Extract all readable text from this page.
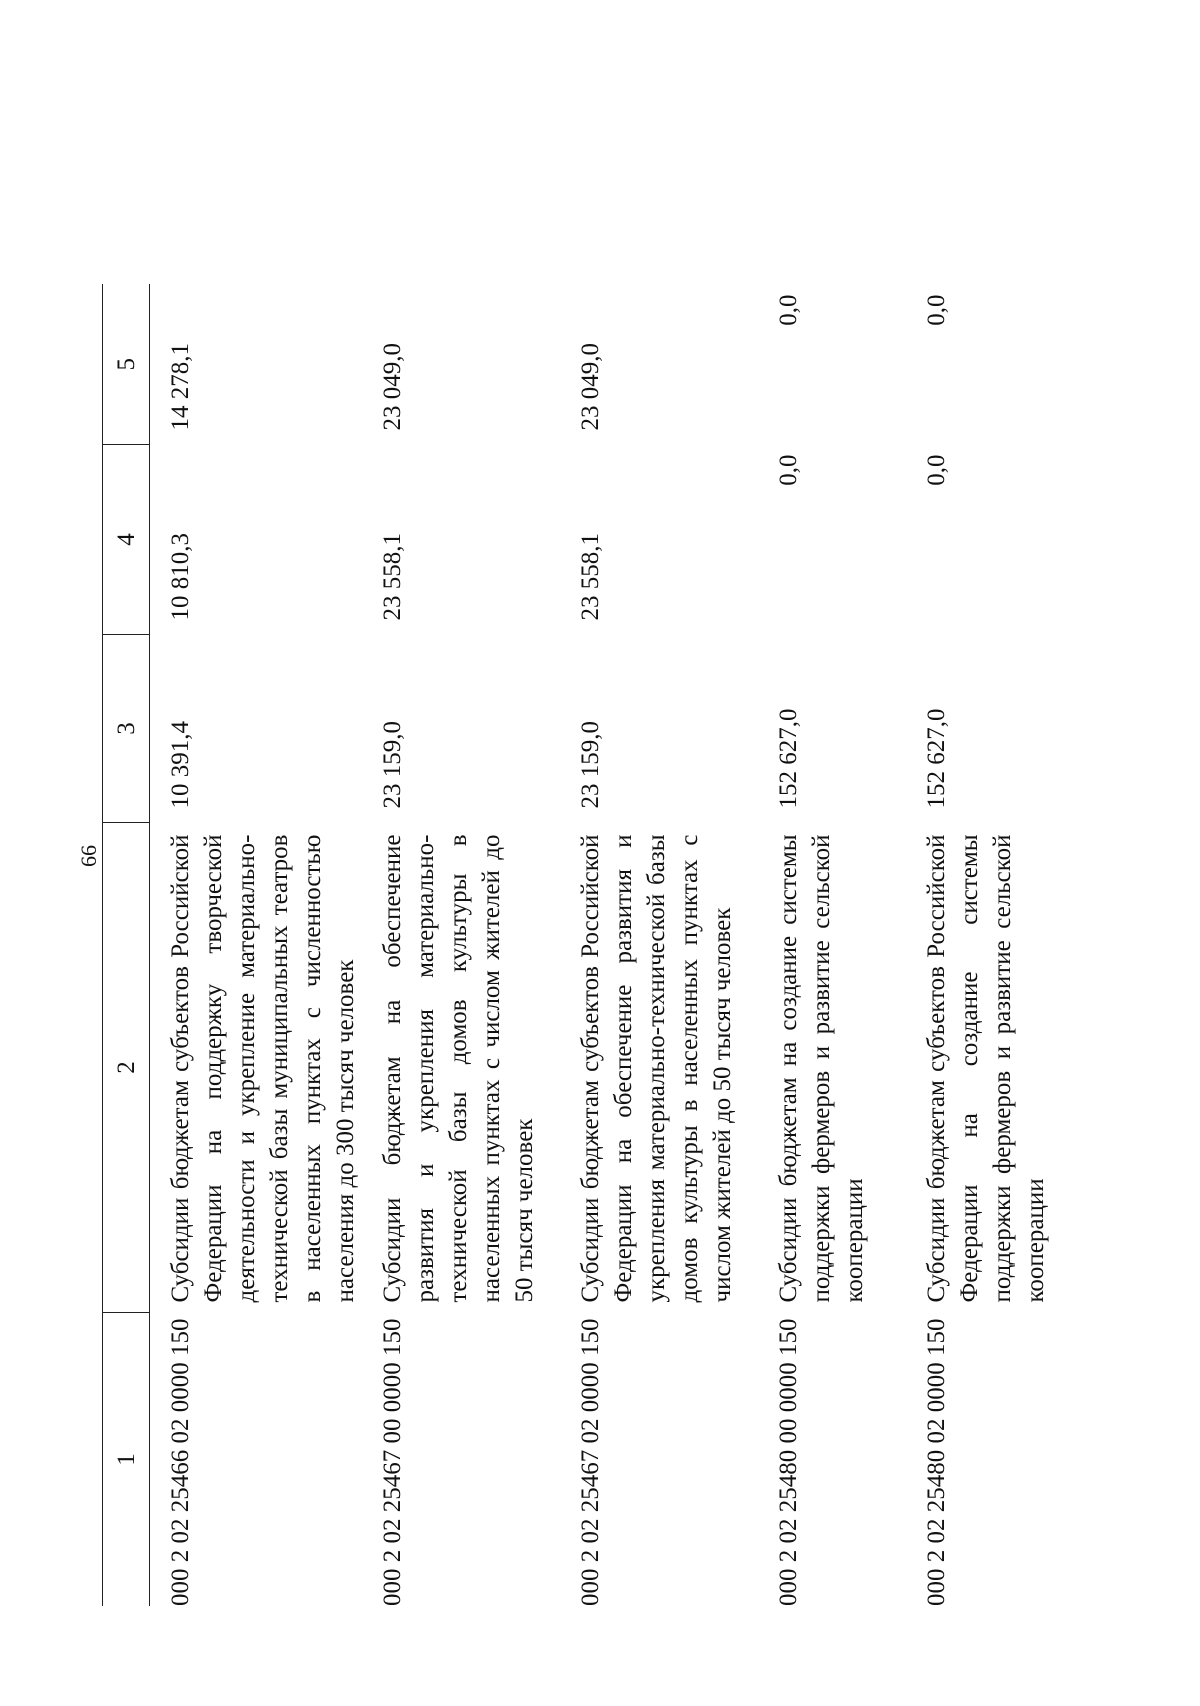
66
1	2	3	4	5
000 2 02 25466 02 0000 150	Субсидии бюджетам субъектов Российской Федерации на поддержку творческой деятельности и укрепление материально-технической базы муниципальных театров в населенных пунктах с численностью населения до 300 тысяч человек	10 391,4	10 810,3	14 278,1
000 2 02 25467 00 0000 150	Субсидии бюджетам на обеспечение развития и укрепления материально-технической базы домов культуры в населенных пунктах с числом жителей до 50 тысяч человек	23 159,0	23 558,1	23 049,0
000 2 02 25467 02 0000 150	Субсидии бюджетам субъектов Российской Федерации на обеспечение развития и укрепления материально-технической базы домов культуры в населенных пунктах с числом жителей до 50 тысяч человек	23 159,0	23 558,1	23 049,0
000 2 02 25480 00 0000 150	Субсидии бюджетам на создание системы поддержки фермеров и развитие сельской кооперации	152 627,0	0,0	0,0
000 2 02 25480 02 0000 150	Субсидии бюджетам субъектов Российской Федерации на создание системы поддержки фермеров и развитие сельской кооперации	152 627,0	0,0	0,0
